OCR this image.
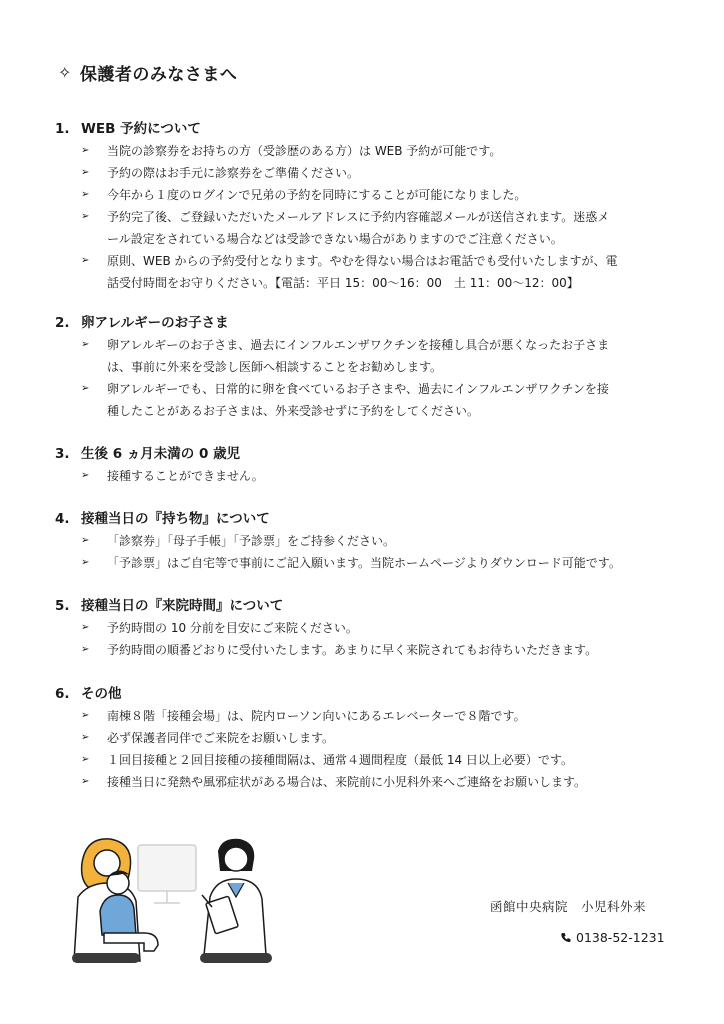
✧ 保護者のみなさまへ
1. WEB 予約について
➢ 当院の診察券をお持ちの方（受診歴のある方）は WEB 予約が可能です。
➢ 予約の際はお手元に診察券をご準備ください。
➢ 今年から１度のログインで兄弟の予約を同時にすることが可能になりました。
➢ 予約完了後、ご登録いただいたメールアドレスに予約内容確認メールが送信されます。迷惑メ
ール設定をされている場合などは受診できない場合がありますのでご注意ください。
➢ 原則、WEB からの予約受付となります。やむを得ない場合はお電話でも受付いたしますが、電
話受付時間をお守りください。【電話：平日 15：00～16：00　土 11：00～12：00】
2. 卵アレルギーのお子さま
➢ 卵アレルギーのお子さま、過去にインフルエンザワクチンを接種し具合が悪くなったお子さま
は、事前に外来を受診し医師へ相談することをお勧めします。
➢ 卵アレルギーでも、日常的に卵を食べているお子さまや、過去にインフルエンザワクチンを接
種したことがあるお子さまは、外来受診せずに予約をしてください。
3. 生後 6 ヵ月未満の 0 歳児
➢ 接種することができません。
4. 接種当日の『持ち物』について
➢ 「診察券」「母子手帳」「予診票」をご持参ください。
➢ 「予診票」はご自宅等で事前にご記入願います。当院ホームページよりダウンロード可能です。
5. 接種当日の『来院時間』について
➢ 予約時間の 10 分前を目安にご来院ください。
➢ 予約時間の順番どおりに受付いたします。あまりに早く来院されてもお待ちいただきます。
6. その他
➢ 南棟８階「接種会場」は、院内ローソン向いにあるエレベーターで８階です。
➢ 必ず保護者同伴でご来院をお願いします。
➢ １回目接種と２回目接種の接種間隔は、通常４週間程度（最低 14 日以上必要）です。
➢ 接種当日に発熱や風邪症状がある場合は、来院前に小児科外来へご連絡をお願いします。
函館中央病院　小児科外来
0138-52-1231
